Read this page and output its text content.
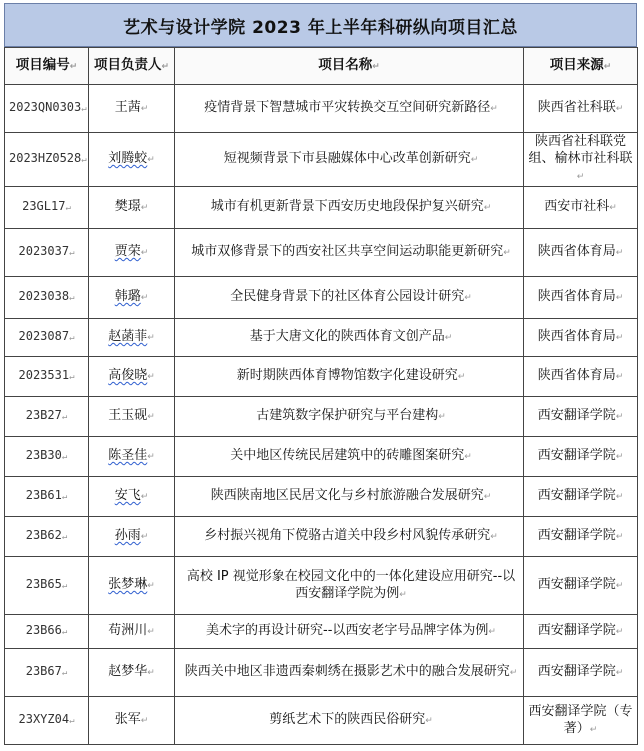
艺术与设计学院 2023 年上半年科研纵向项目汇总
项目编号↵	项目负责人↵	项目名称↵	项目来源↵
2023QN0303↵	王茜↵	疫情背景下智慧城市平灾转换交互空间研究新路径↵	陕西省社科联↵
2023HZ0528↵	刘腾蛟↵	短视频背景下市县融媒体中心改革创新研究↵	陕西省社科联党组、榆林市社科联↵
23GL17↵	樊璟↵	城市有机更新背景下西安历史地段保护复兴研究↵	西安市社科↵
2023037↵	贾荣↵	城市双修背景下的西安社区共享空间运动职能更新研究↵	陕西省体育局↵
2023038↵	韩璐↵	全民健身背景下的社区体育公园设计研究↵	陕西省体育局↵
2023087↵	赵菡菲↵	基于大唐文化的陕西体育文创产品↵	陕西省体育局↵
2023531↵	高俊晓↵	新时期陕西体育博物馆数字化建设研究↵	陕西省体育局↵
23B27↵	王玉砚↵	古建筑数字保护研究与平台建构↵	西安翻译学院↵
23B30↵	陈圣佳↵	关中地区传统民居建筑中的砖雕图案研究↵	西安翻译学院↵
23B61↵	安飞↵	陕西陕南地区民居文化与乡村旅游融合发展研究↵	西安翻译学院↵
23B62↵	孙雨↵	乡村振兴视角下傥骆古道关中段乡村风貌传承研究↵	西安翻译学院↵
23B65↵	张梦琳↵	高校 IP 视觉形象在校园文化中的一体化建设应用研究--以西安翻译学院为例↵	西安翻译学院↵
23B66↵	苟洲川↵	美术字的再设计研究--以西安老字号品牌字体为例↵	西安翻译学院↵
23B67↵	赵梦华↵	陕西关中地区非遗西秦刺绣在摄影艺术中的融合发展研究↵	西安翻译学院↵
23XYZ04↵	张军↵	剪纸艺术下的陕西民俗研究↵	西安翻译学院（专著）↵
